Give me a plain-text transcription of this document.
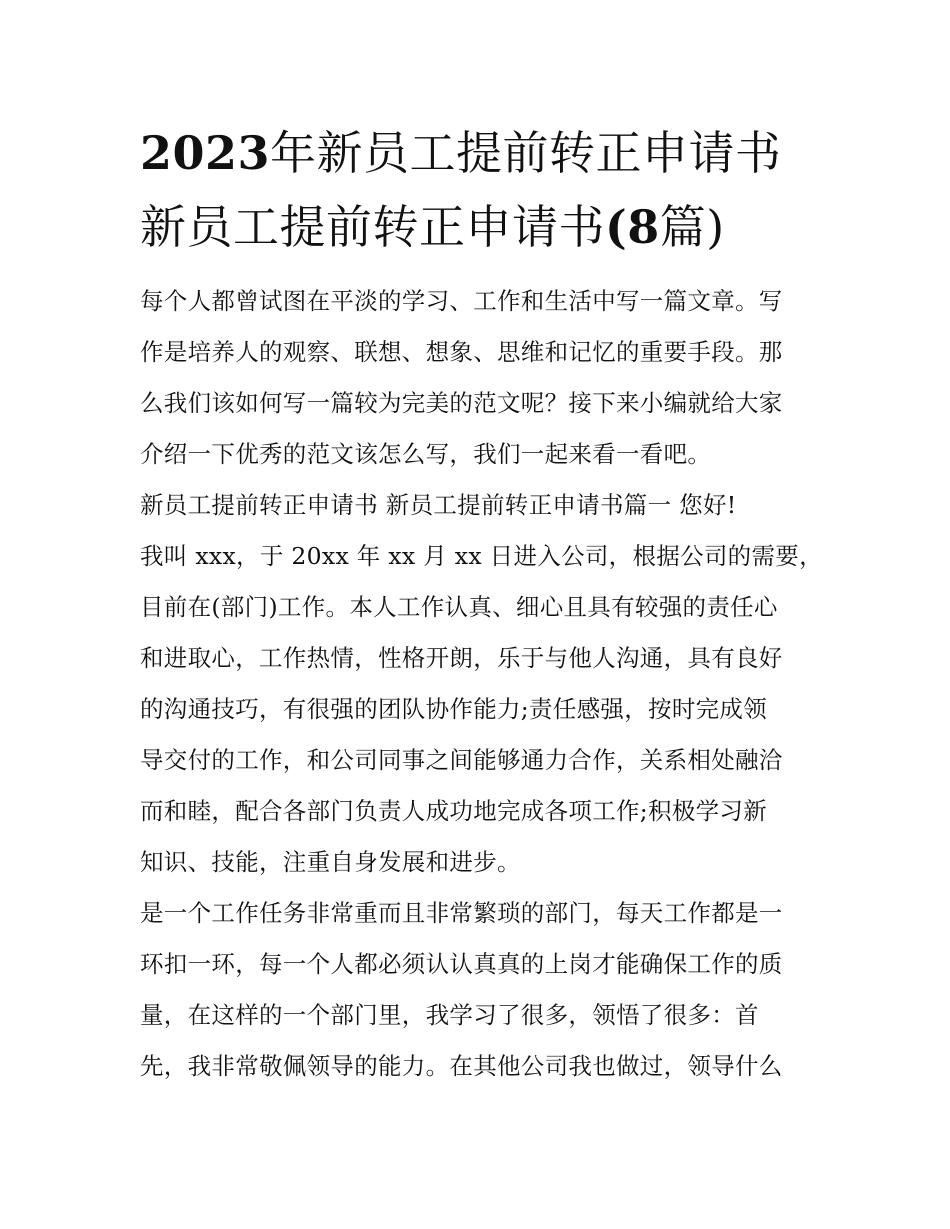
2023年新员工提前转正申请书
新员工提前转正申请书(8篇)
每个人都曾试图在平淡的学习、工作和生活中写一篇文章。写
作是培养人的观察、联想、想象、思维和记忆的重要手段。那
么我们该如何写一篇较为完美的范文呢？接下来小编就给大家
介绍一下优秀的范文该怎么写，我们一起来看一看吧。
新员工提前转正申请书 新员工提前转正申请书篇一 您好!
我叫 xxx，于 20xx 年 xx 月 xx 日进入公司，根据公司的需要，
目前在(部门)工作。本人工作认真、细心且具有较强的责任心
和进取心，工作热情，性格开朗，乐于与他人沟通，具有良好
的沟通技巧，有很强的团队协作能力;责任感强，按时完成领
导交付的工作，和公司同事之间能够通力合作，关系相处融洽
而和睦，配合各部门负责人成功地完成各项工作;积极学习新
知识、技能，注重自身发展和进步。
是一个工作任务非常重而且非常繁琐的部门，每天工作都是一
环扣一环，每一个人都必须认认真真的上岗才能确保工作的质
量，在这样的一个部门里，我学习了很多，领悟了很多：首
先，我非常敬佩领导的能力。在其他公司我也做过，领导什么
